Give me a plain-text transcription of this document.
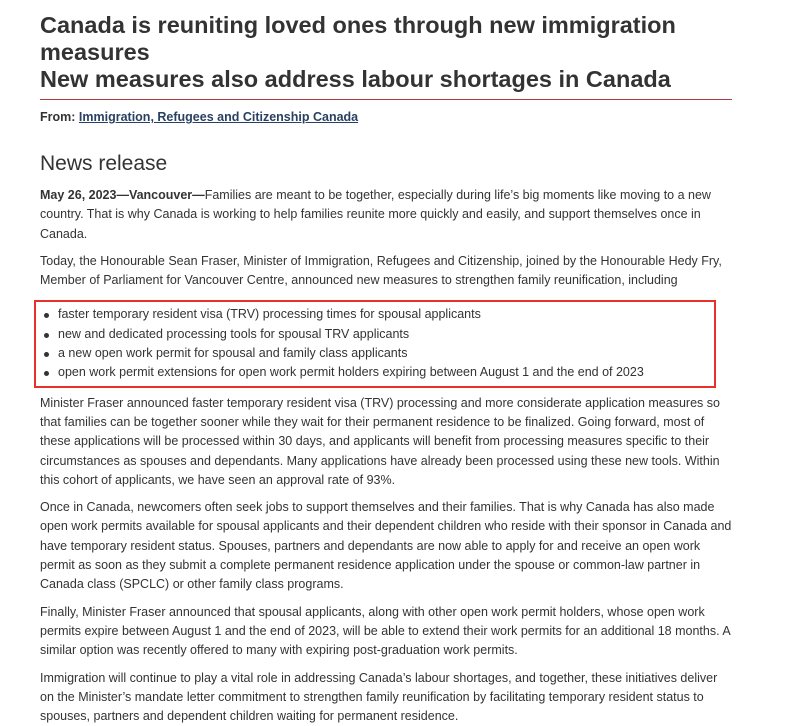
Canada is reuniting loved ones through new immigration measures
New measures also address labour shortages in Canada
From: Immigration, Refugees and Citizenship Canada
News release

May 26, 2023—Vancouver—Families are meant to be together, especially during life’s big moments like moving to a new country. That is why Canada is working to help families reunite more quickly and easily, and support themselves once in Canada.

Today, the Honourable Sean Fraser, Minister of Immigration, Refugees and Citizenship, joined by the Honourable Hedy Fry, Member of Parliament for Vancouver Centre, announced new measures to strengthen family reunification, including

faster temporary resident visa (TRV) processing times for spousal applicants
new and dedicated processing tools for spousal TRV applicants
a new open work permit for spousal and family class applicants
open work permit extensions for open work permit holders expiring between August 1 and the end of 2023

Minister Fraser announced faster temporary resident visa (TRV) processing and more considerate application measures so that families can be together sooner while they wait for their permanent residence to be finalized. Going forward, most of these applications will be processed within 30 days, and applicants will benefit from processing measures specific to their circumstances as spouses and dependants. Many applications have already been processed using these new tools. Within this cohort of applicants, we have seen an approval rate of 93%.

Once in Canada, newcomers often seek jobs to support themselves and their families. That is why Canada has also made open work permits available for spousal applicants and their dependent children who reside with their sponsor in Canada and have temporary resident status. Spouses, partners and dependants are now able to apply for and receive an open work permit as soon as they submit a complete permanent residence application under the spouse or common-law partner in Canada class (SPCLC) or other family class programs.

Finally, Minister Fraser announced that spousal applicants, along with other open work permit holders, whose open work permits expire between August 1 and the end of 2023, will be able to extend their work permits for an additional 18 months. A similar option was recently offered to many with expiring post-graduation work permits.

Immigration will continue to play a vital role in addressing Canada’s labour shortages, and together, these initiatives deliver on the Minister’s mandate letter commitment to strengthen family reunification by facilitating temporary resident status to spouses, partners and dependent children waiting for permanent residence.
